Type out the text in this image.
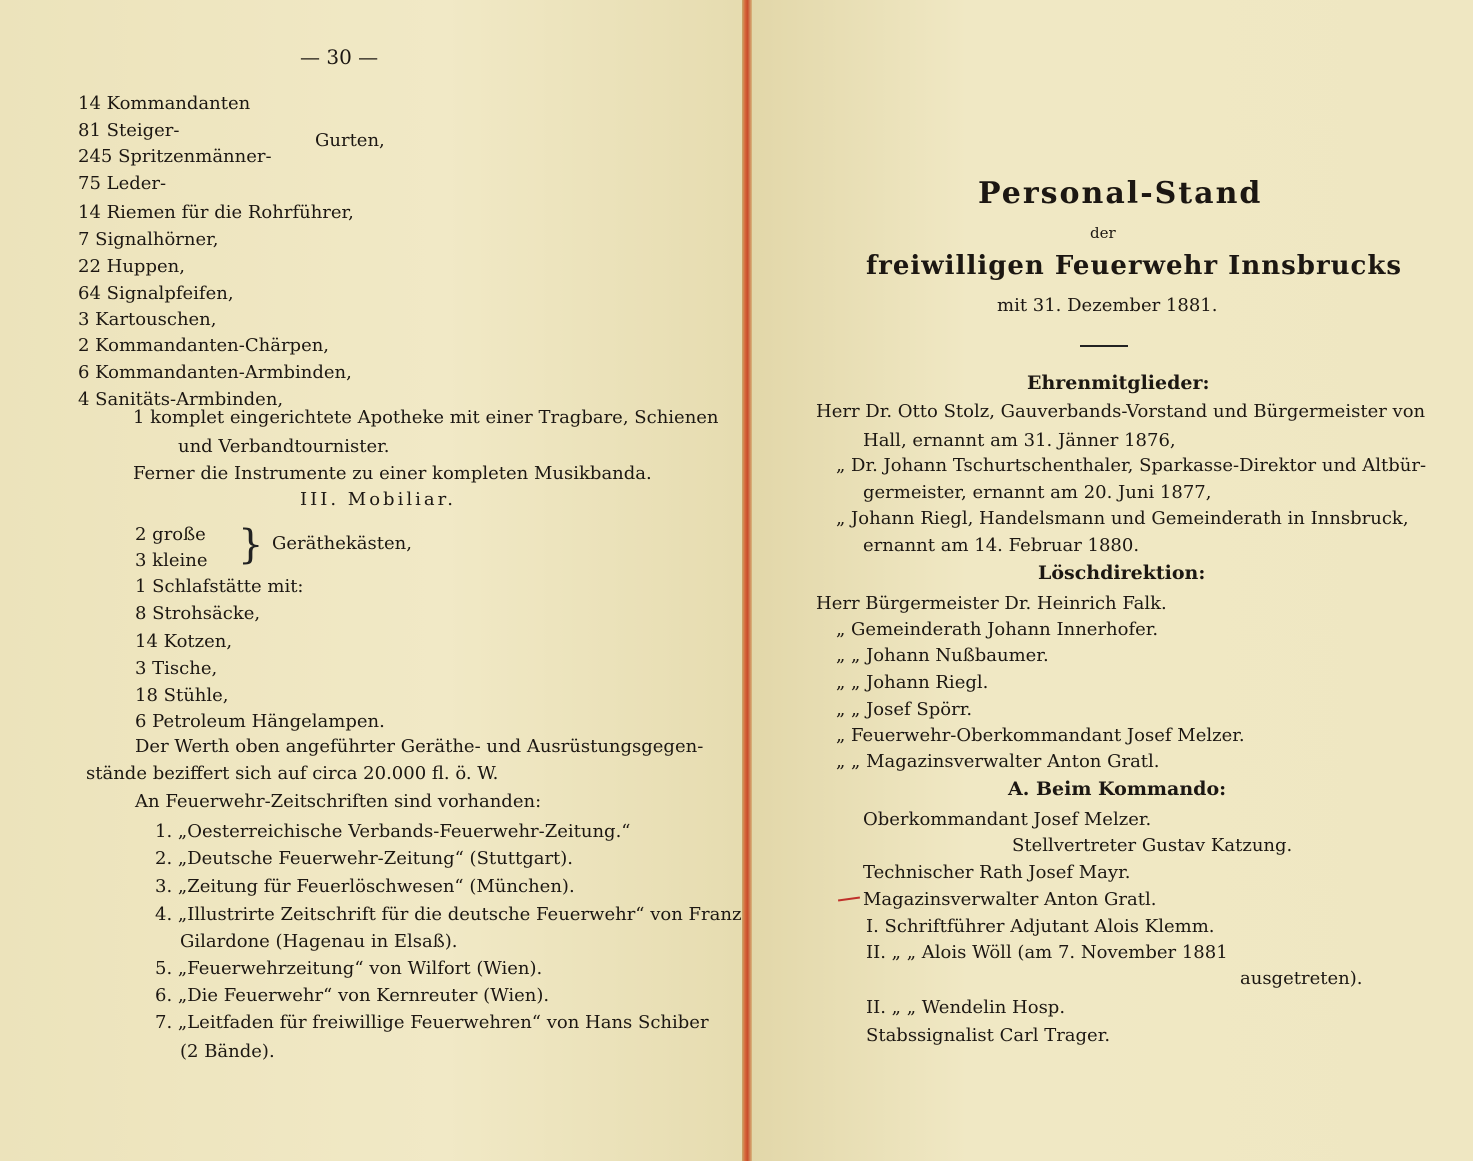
— 30 —
14 Kommandanten
81 Steiger-	Gurten,
245 Spritzenmänner-
75 Leder-
14 Riemen für die Rohrführer,
7 Signalhörner,
22 Huppen,
64 Signalpfeifen,
3 Kartouschen,
2 Kommandanten-Chärpen,
6 Kommandanten-Armbinden,
4 Sanitäts-Armbinden,
1 komplet eingerichtete Apotheke mit einer Tragbare, Schienen
und Verbandtournister.
Ferner die Instrumente zu einer kompleten Musikbanda.
III. Mobiliar.
2 große
3 kleine } Geräthekästen,
1 Schlafstätte mit:
8 Strohsäcke,
14 Kotzen,
3 Tische,
18 Stühle,
6 Petroleum Hängelampen.
Der Werth oben angeführter Geräthe- und Ausrüstungsgegen-
stände beziffert sich auf circa 20.000 fl. ö. W.
An Feuerwehr-Zeitschriften sind vorhanden:
1. „Oesterreichische Verbands-Feuerwehr-Zeitung.“
2. „Deutsche Feuerwehr-Zeitung“ (Stuttgart).
3. „Zeitung für Feuerlöschwesen“ (München).
4. „Illustrirte Zeitschrift für die deutsche Feuerwehr“ von Franz
Gilardone (Hagenau in Elsaß).
5. „Feuerwehrzeitung“ von Wilfort (Wien).
6. „Die Feuerwehr“ von Kernreuter (Wien).
7. „Leitfaden für freiwillige Feuerwehren“ von Hans Schiber
(2 Bände).
Personal-Stand
der
freiwilligen Feuerwehr Innsbrucks
mit 31. Dezember 1881.
Ehrenmitglieder:
Herr Dr. Otto Stolz, Gauverbands-Vorstand und Bürgermeister von
Hall, ernannt am 31. Jänner 1876,
„ Dr. Johann Tschurtschenthaler, Sparkasse-Direktor und Altbür-
germeister, ernannt am 20. Juni 1877,
„ Johann Riegl, Handelsmann und Gemeinderath in Innsbruck,
ernannt am 14. Februar 1880.
Löschdirektion:
Herr Bürgermeister Dr. Heinrich Falk.
„ Gemeinderath Johann Innerhofer.
„ „ Johann Nußbaumer.
„ „ Johann Riegl.
„ „ Josef Spörr.
„ Feuerwehr-Oberkommandant Josef Melzer.
„ „ Magazinsverwalter Anton Gratl.
A. Beim Kommando:
Oberkommandant Josef Melzer.
Stellvertreter Gustav Katzung.
Technischer Rath Josef Mayr.
Magazinsverwalter Anton Gratl.
I. Schriftführer Adjutant Alois Klemm.
II. „ „ Alois Wöll (am 7. November 1881
ausgetreten).
II. „ „ Wendelin Hosp.
Stabssignalist Carl Trager.
